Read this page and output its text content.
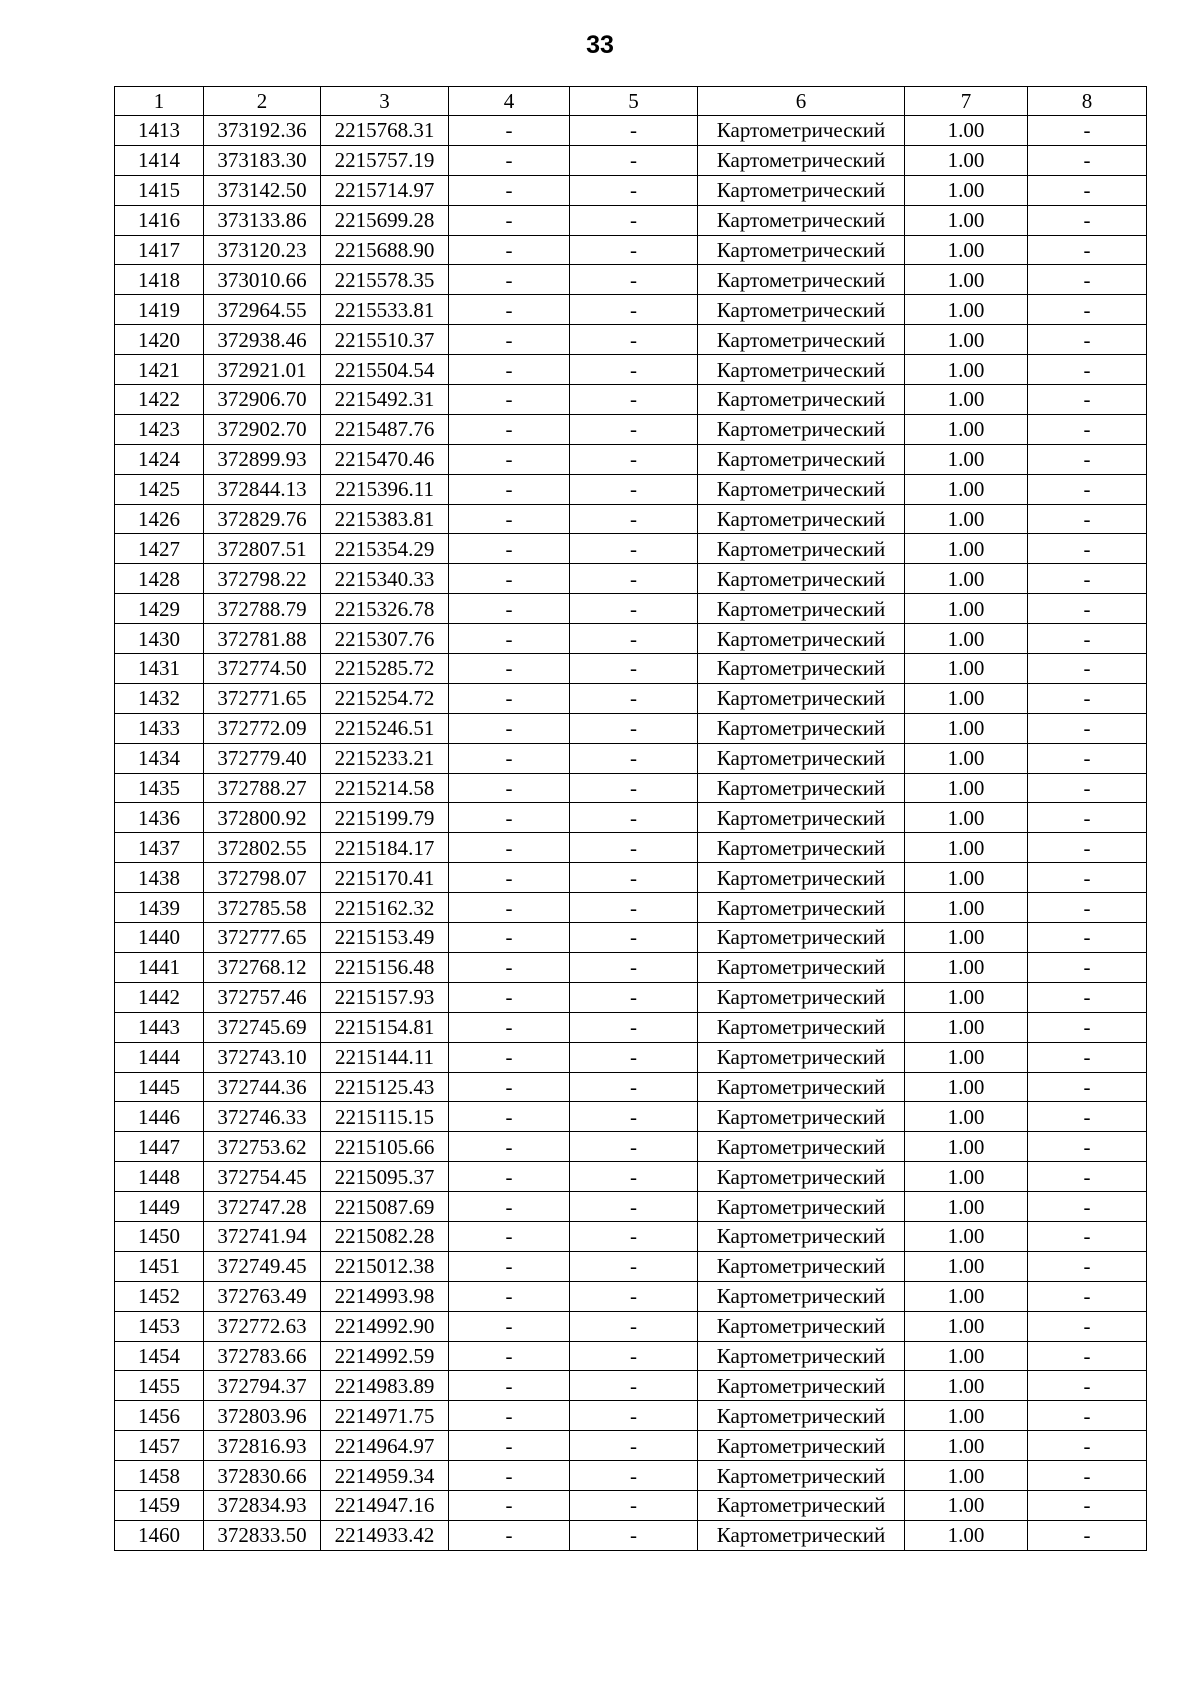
33
1	2	3	4	5	6	7	8
1413	373192.36	2215768.31	-	-	Картометрический	1.00	-
1414	373183.30	2215757.19	-	-	Картометрический	1.00	-
1415	373142.50	2215714.97	-	-	Картометрический	1.00	-
1416	373133.86	2215699.28	-	-	Картометрический	1.00	-
1417	373120.23	2215688.90	-	-	Картометрический	1.00	-
1418	373010.66	2215578.35	-	-	Картометрический	1.00	-
1419	372964.55	2215533.81	-	-	Картометрический	1.00	-
1420	372938.46	2215510.37	-	-	Картометрический	1.00	-
1421	372921.01	2215504.54	-	-	Картометрический	1.00	-
1422	372906.70	2215492.31	-	-	Картометрический	1.00	-
1423	372902.70	2215487.76	-	-	Картометрический	1.00	-
1424	372899.93	2215470.46	-	-	Картометрический	1.00	-
1425	372844.13	2215396.11	-	-	Картометрический	1.00	-
1426	372829.76	2215383.81	-	-	Картометрический	1.00	-
1427	372807.51	2215354.29	-	-	Картометрический	1.00	-
1428	372798.22	2215340.33	-	-	Картометрический	1.00	-
1429	372788.79	2215326.78	-	-	Картометрический	1.00	-
1430	372781.88	2215307.76	-	-	Картометрический	1.00	-
1431	372774.50	2215285.72	-	-	Картометрический	1.00	-
1432	372771.65	2215254.72	-	-	Картометрический	1.00	-
1433	372772.09	2215246.51	-	-	Картометрический	1.00	-
1434	372779.40	2215233.21	-	-	Картометрический	1.00	-
1435	372788.27	2215214.58	-	-	Картометрический	1.00	-
1436	372800.92	2215199.79	-	-	Картометрический	1.00	-
1437	372802.55	2215184.17	-	-	Картометрический	1.00	-
1438	372798.07	2215170.41	-	-	Картометрический	1.00	-
1439	372785.58	2215162.32	-	-	Картометрический	1.00	-
1440	372777.65	2215153.49	-	-	Картометрический	1.00	-
1441	372768.12	2215156.48	-	-	Картометрический	1.00	-
1442	372757.46	2215157.93	-	-	Картометрический	1.00	-
1443	372745.69	2215154.81	-	-	Картометрический	1.00	-
1444	372743.10	2215144.11	-	-	Картометрический	1.00	-
1445	372744.36	2215125.43	-	-	Картометрический	1.00	-
1446	372746.33	2215115.15	-	-	Картометрический	1.00	-
1447	372753.62	2215105.66	-	-	Картометрический	1.00	-
1448	372754.45	2215095.37	-	-	Картометрический	1.00	-
1449	372747.28	2215087.69	-	-	Картометрический	1.00	-
1450	372741.94	2215082.28	-	-	Картометрический	1.00	-
1451	372749.45	2215012.38	-	-	Картометрический	1.00	-
1452	372763.49	2214993.98	-	-	Картометрический	1.00	-
1453	372772.63	2214992.90	-	-	Картометрический	1.00	-
1454	372783.66	2214992.59	-	-	Картометрический	1.00	-
1455	372794.37	2214983.89	-	-	Картометрический	1.00	-
1456	372803.96	2214971.75	-	-	Картометрический	1.00	-
1457	372816.93	2214964.97	-	-	Картометрический	1.00	-
1458	372830.66	2214959.34	-	-	Картометрический	1.00	-
1459	372834.93	2214947.16	-	-	Картометрический	1.00	-
1460	372833.50	2214933.42	-	-	Картометрический	1.00	-
